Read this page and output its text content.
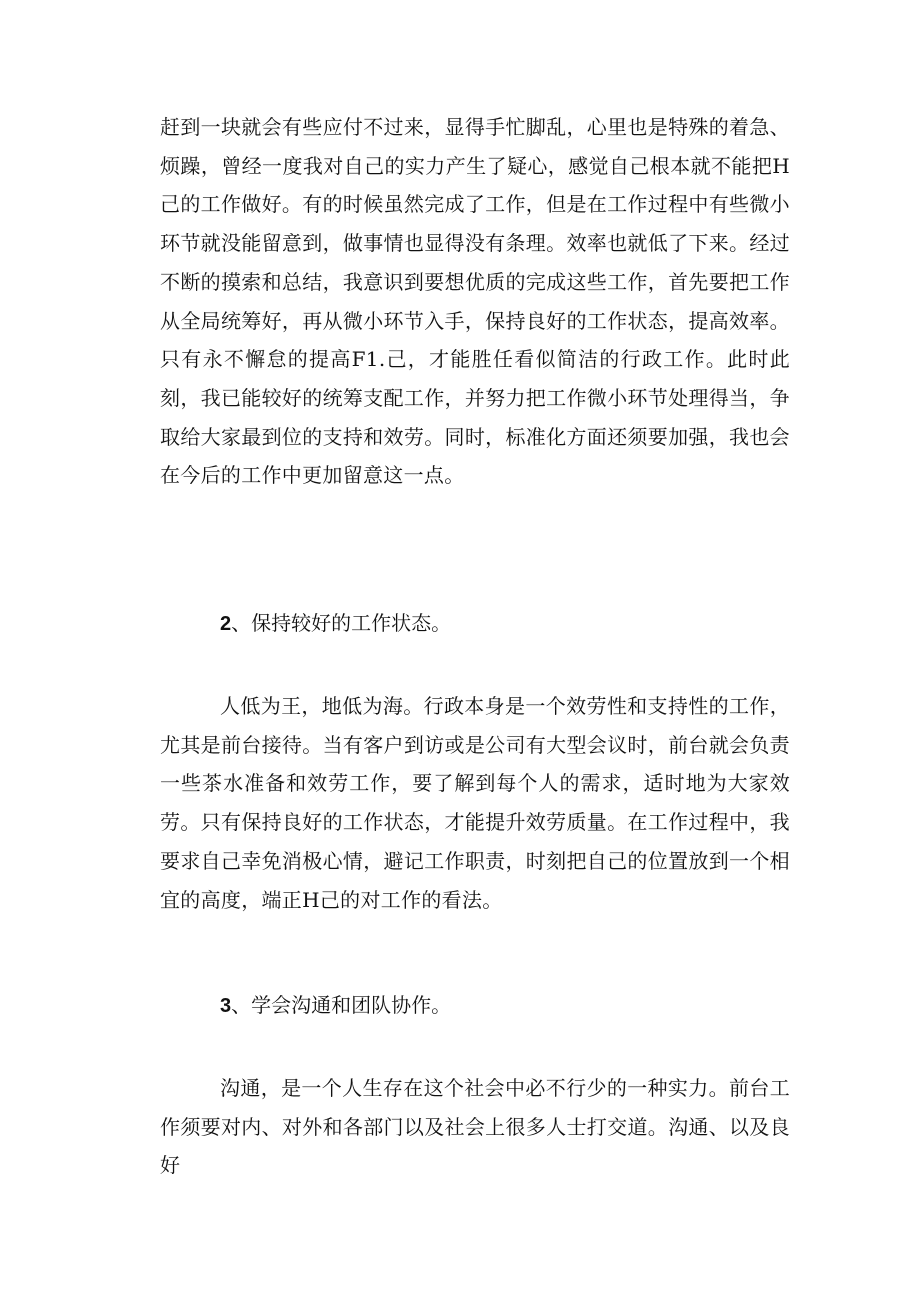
赶到一块就会有些应付不过来，显得手忙脚乱，心里也是特殊的着急、烦躁，曾经一度我对自己的实力产生了疑心，感觉自己根本就不能把H己的工作做好。有的时候虽然完成了工作，但是在工作过程中有些微小环节就没能留意到，做事情也显得没有条理。效率也就低了下来。经过不断的摸索和总结，我意识到要想优质的完成这些工作，首先要把工作从全局统筹好，再从微小环节入手，保持良好的工作状态，提高效率。只有永不懈怠的提高F1.己，才能胜任看似简洁的行政工作。此时此刻，我已能较好的统筹支配工作，并努力把工作微小环节处理得当，争取给大家最到位的支持和效劳。同时，标准化方面还须要加强，我也会在今后的工作中更加留意这一点。

2、保持较好的工作状态。

人低为王，地低为海。行政本身是一个效劳性和支持性的工作，尤其是前台接待。当有客户到访或是公司有大型会议时，前台就会负责一些茶水准备和效劳工作，要了解到每个人的需求，适时地为大家效劳。只有保持良好的工作状态，才能提升效劳质量。在工作过程中，我要求自己幸免消极心情，避记工作职责，时刻把自己的位置放到一个相宜的高度，端正H己的对工作的看法。

3、学会沟通和团队协作。

沟通，是一个人生存在这个社会中必不行少的一种实力。前台工作须要对内、对外和各部门以及社会上很多人士打交道。沟通、以及良好
